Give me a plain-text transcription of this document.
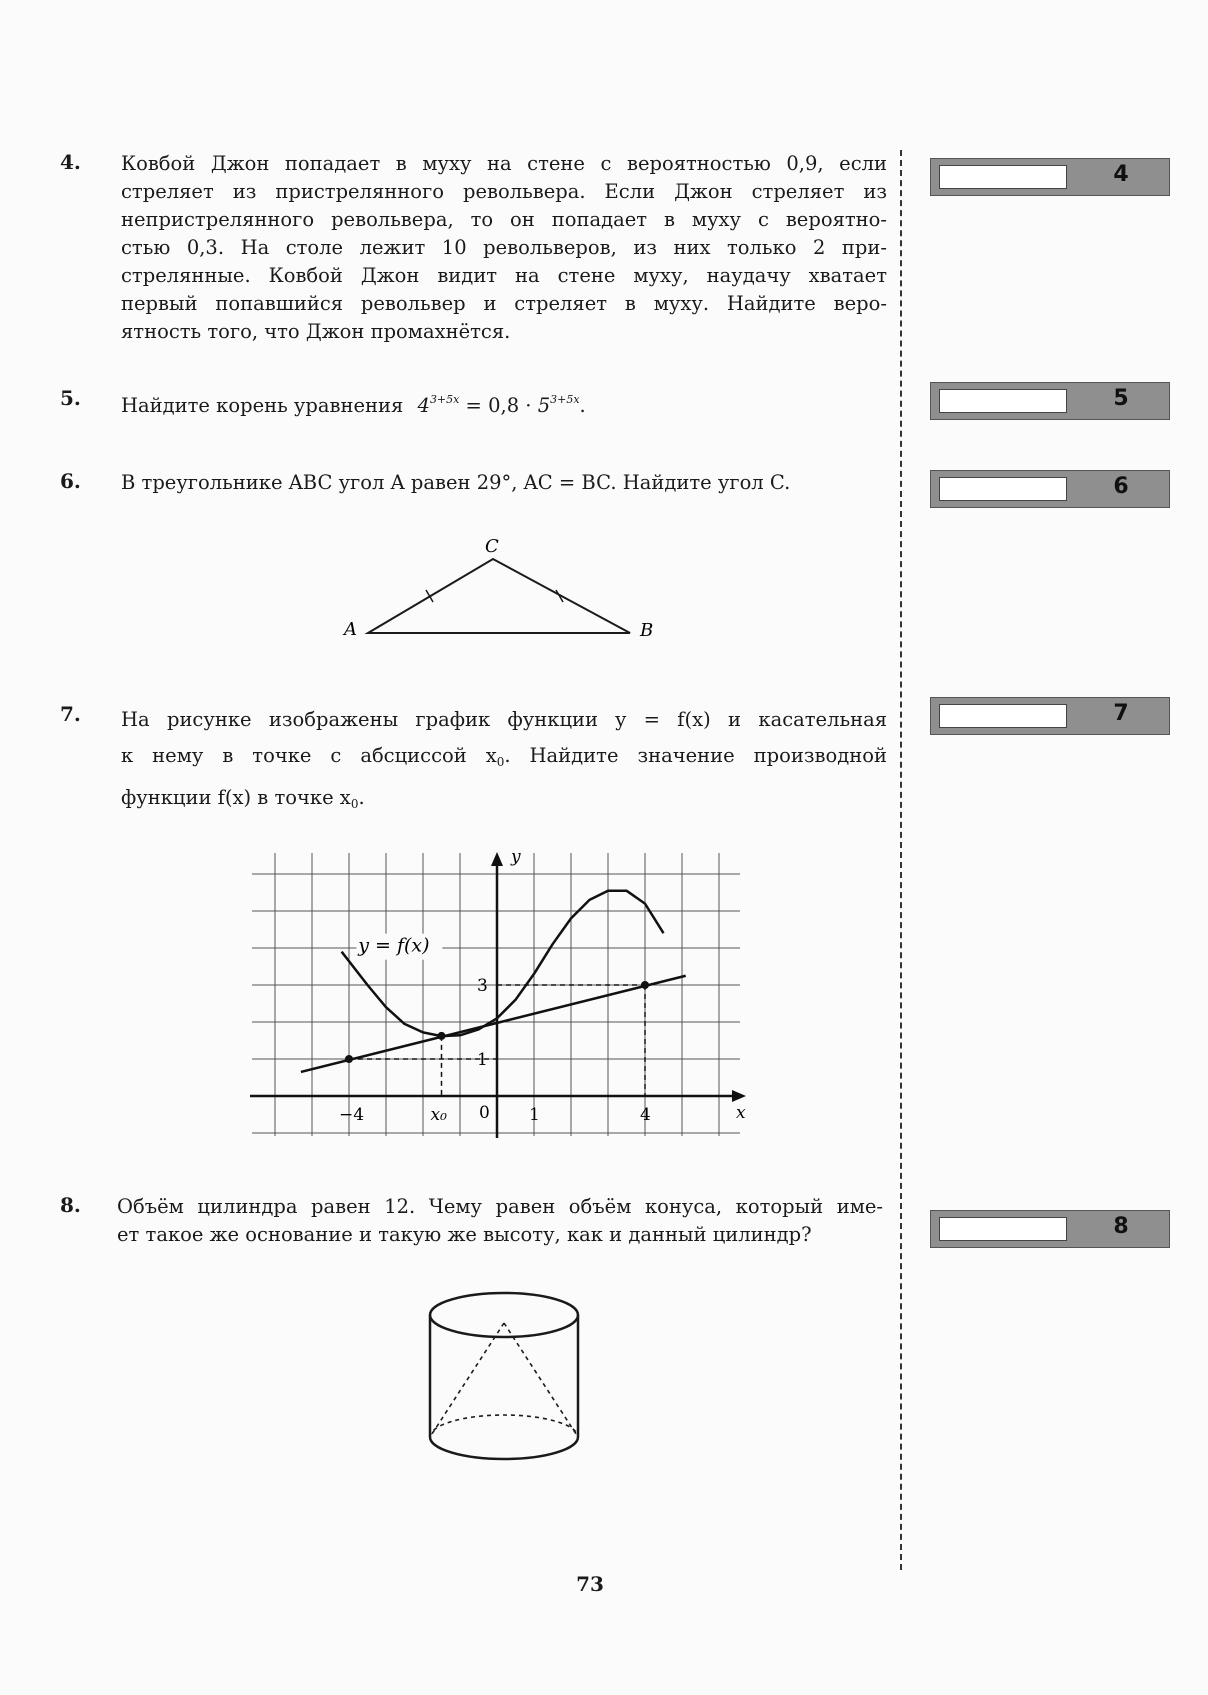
4.	Ковбой Джон попадает в муху на стене с вероятностью 0,9, если
стреляет из пристрелянного револьвера. Если Джон стреляет из
непристрелянного револьвера, то он попадает в муху с вероятно-
стью 0,3. На столе лежит 10 револьверов, из них только 2 при-
стрелянные. Ковбой Джон видит на стене муху, наудачу хватает
первый попавшийся револьвер и стреляет в муху. Найдите веро-
ятность того, что Джон промахнётся.
5.	Найдите корень уравнения $4^{3+5x} = 0,8 \cdot 5^{3+5x}$.
6.	В треугольнике ABC угол A равен 29°, AC = BC. Найдите угол C.
A
C
B
7.	На рисунке изображены график функции y = f(x) и касательная
к нему в точке с абсциссой $x_0$. Найдите значение производной
функции f(x) в точке $x_0$.
−4	x₀ 0 1	4
1
3
x
y
y = f(x)
8.	Объём цилиндра равен 12. Чему равен объём конуса, который име-
ет такое же основание и такую же высоту, как и данный цилиндр?
4
5
6
7
8
73
